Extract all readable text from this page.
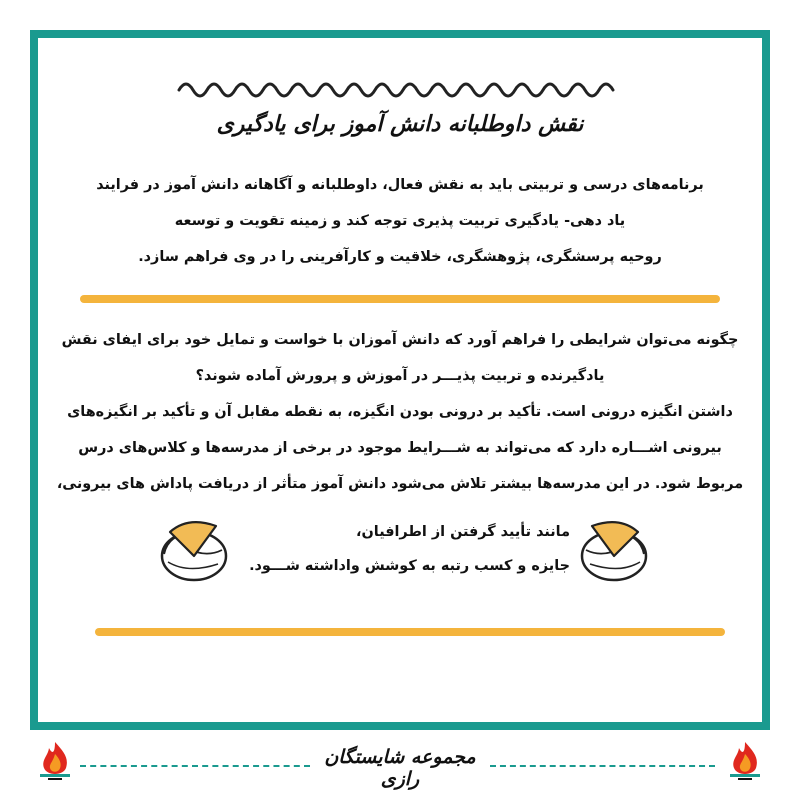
نقش داوطلبانه دانش آموز برای یادگیری
برنامه‌های درسی و تربیتی باید به نقش فعال، داوطلبانه و آگاهانه دانش آموز در فرایند
یاد دهی- یادگیری تربیت پذیری توجه کند و زمینه تقویت و توسعه
روحیه پرسشگری، پژوهشگری، خلاقیت و کارآفرینی را در وی فراهم سازد.
چگونه می‌توان شرایطی را فراهم آورد که دانش آموزان با خواست و تمایل خود برای ایفای نقش
یادگیرنده و تربیت پذیـــر در آموزش و پرورش آماده شوند؟
داشتن انگیزه درونی است. تأکید بر درونی بودن انگیزه، به نقطه مقابل آن و تأکید بر انگیزه‌های
بیرونی اشـــاره دارد که می‌تواند به شـــرایط موجود در برخی از مدرسه‌ها و کلاس‌های درس
مربوط شود. در این مدرسه‌ها بیشتر تلاش می‌شود دانش آموز متأثر از دریافت پاداش های بیرونی،
مانند تأیید گرفتن از اطرافیان،
جایزه و کسب رتبه به کوشش واداشته شـــود.
مجموعه شایستگان رازی
